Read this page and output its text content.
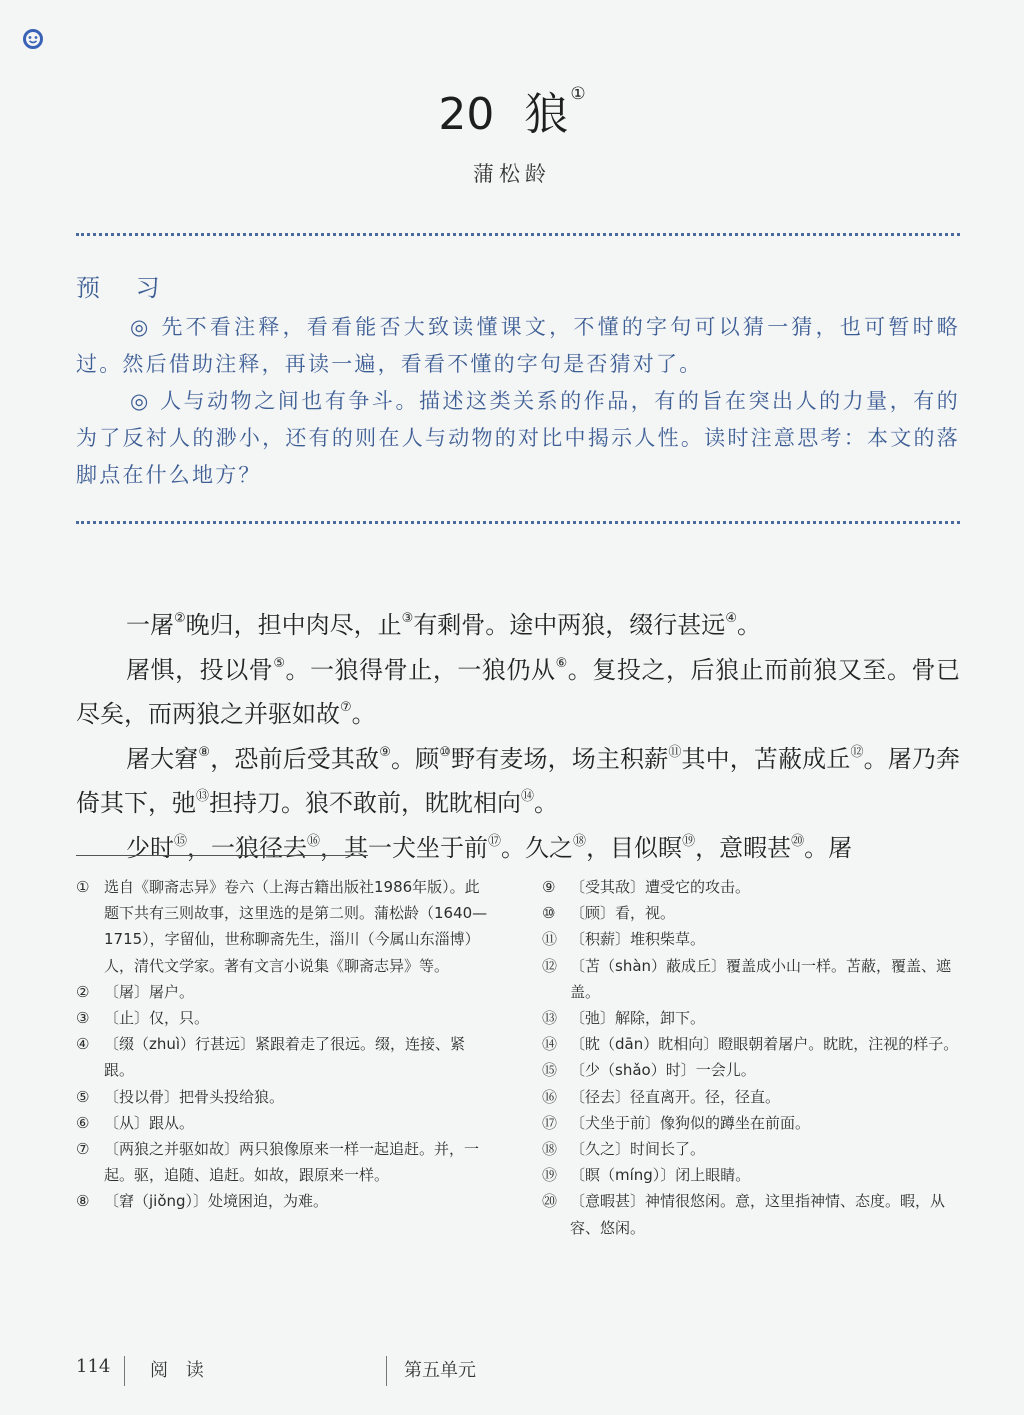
20 狼 ①
蒲松龄
预 习

◎ 先不看注释，看看能否大致读懂课文，不懂的字句可以猜一猜，也可暂时略过。然后借助注释，再读一遍，看看不懂的字句是否猜对了。

◎ 人与动物之间也有争斗。描述这类关系的作品，有的旨在突出人的力量，有的为了反衬人的渺小，还有的则在人与动物的对比中揭示人性。读时注意思考：本文的落脚点在什么地方？

一屠②晚归，担中肉尽，止③有剩骨。途中两狼，缀行甚远④。

屠惧，投以骨⑤。一狼得骨止，一狼仍从⑥。复投之，后狼止而前狼又至。骨已尽矣，而两狼之并驱如故⑦。

屠大窘⑧，恐前后受其敌⑨。顾⑩野有麦场，场主积薪⑪其中，苫蔽成丘⑫。屠乃奔倚其下，弛⑬担持刀。狼不敢前，眈眈相向⑭。

少时⑮，一狼径去⑯，其一犬坐于前⑰。久之⑱，目似瞑⑲，意暇甚⑳。屠

① 选自《聊斋志异》卷六（上海古籍出版社1986年版）。此题下共有三则故事，这里选的是第二则。蒲松龄（1640—1715），字留仙，世称聊斋先生，淄川（今属山东淄博）人，清代文学家。著有文言小说集《聊斋志异》等。
② 〔屠〕屠户。
③ 〔止〕仅，只。
④ 〔缀（zhuì）行甚远〕紧跟着走了很远。缀，连接、紧跟。
⑤ 〔投以骨〕把骨头投给狼。
⑥ 〔从〕跟从。
⑦ 〔两狼之并驱如故〕两只狼像原来一样一起追赶。并，一起。驱，追随、追赶。如故，跟原来一样。
⑧ 〔窘（jiǒng）〕处境困迫，为难。
⑨ 〔受其敌〕遭受它的攻击。
⑩ 〔顾〕看，视。
⑪ 〔积薪〕堆积柴草。
⑫ 〔苫（shàn）蔽成丘〕覆盖成小山一样。苫蔽，覆盖、遮盖。
⑬ 〔弛〕解除，卸下。
⑭ 〔眈（dān）眈相向〕瞪眼朝着屠户。眈眈，注视的样子。
⑮ 〔少（shǎo）时〕一会儿。
⑯ 〔径去〕径直离开。径，径直。
⑰ 〔犬坐于前〕像狗似的蹲坐在前面。
⑱ 〔久之〕时间长了。
⑲ 〔瞑（míng）〕闭上眼睛。
⑳ 〔意暇甚〕神情很悠闲。意，这里指神情、态度。暇，从容、悠闲。
114 阅 读	第五单元
